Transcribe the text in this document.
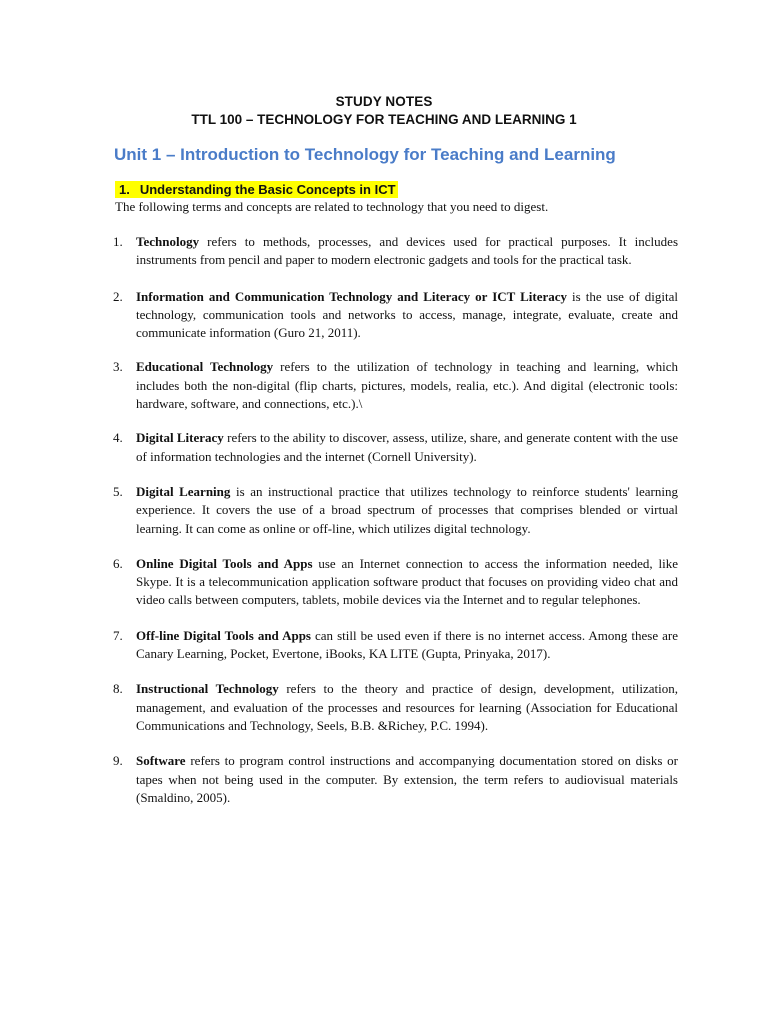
STUDY NOTES
TTL 100 – TECHNOLOGY FOR TEACHING AND LEARNING 1
Unit 1 – Introduction to Technology for Teaching and Learning
1. Understanding the Basic Concepts in ICT
The following terms and concepts are related to technology that you need to digest.
1.	Technology refers to methods, processes, and devices used for practical purposes. It includes instruments from pencil and paper to modern electronic gadgets and tools for the practical task.
2.	Information and Communication Technology and Literacy or ICT Literacy is the use of digital technology, communication tools and networks to access, manage, integrate, evaluate, create and communicate information (Guro 21, 2011).
3.	Educational Technology refers to the utilization of technology in teaching and learning, which includes both the non-digital (flip charts, pictures, models, realia, etc.). And digital (electronic tools: hardware, software, and connections, etc.).\
4.	Digital Literacy refers to the ability to discover, assess, utilize, share, and generate content with the use of information technologies and the internet (Cornell University).
5.	Digital Learning is an instructional practice that utilizes technology to reinforce students' learning experience. It covers the use of a broad spectrum of processes that comprises blended or virtual learning. It can come as online or off-line, which utilizes digital technology.
6.	Online Digital Tools and Apps use an Internet connection to access the information needed, like Skype. It is a telecommunication application software product that focuses on providing video chat and video calls between computers, tablets, mobile devices via the Internet and to regular telephones.
7.	Off-line Digital Tools and Apps can still be used even if there is no internet access. Among these are Canary Learning, Pocket, Evertone, iBooks, KA LITE (Gupta, Prinyaka, 2017).
8.	Instructional Technology refers to the theory and practice of design, development, utilization, management, and evaluation of the processes and resources for learning (Association for Educational Communications and Technology, Seels, B.B. &Richey, P.C. 1994).
9.	Software refers to program control instructions and accompanying documentation stored on disks or tapes when not being used in the computer. By extension, the term refers to audiovisual materials (Smaldino, 2005).
